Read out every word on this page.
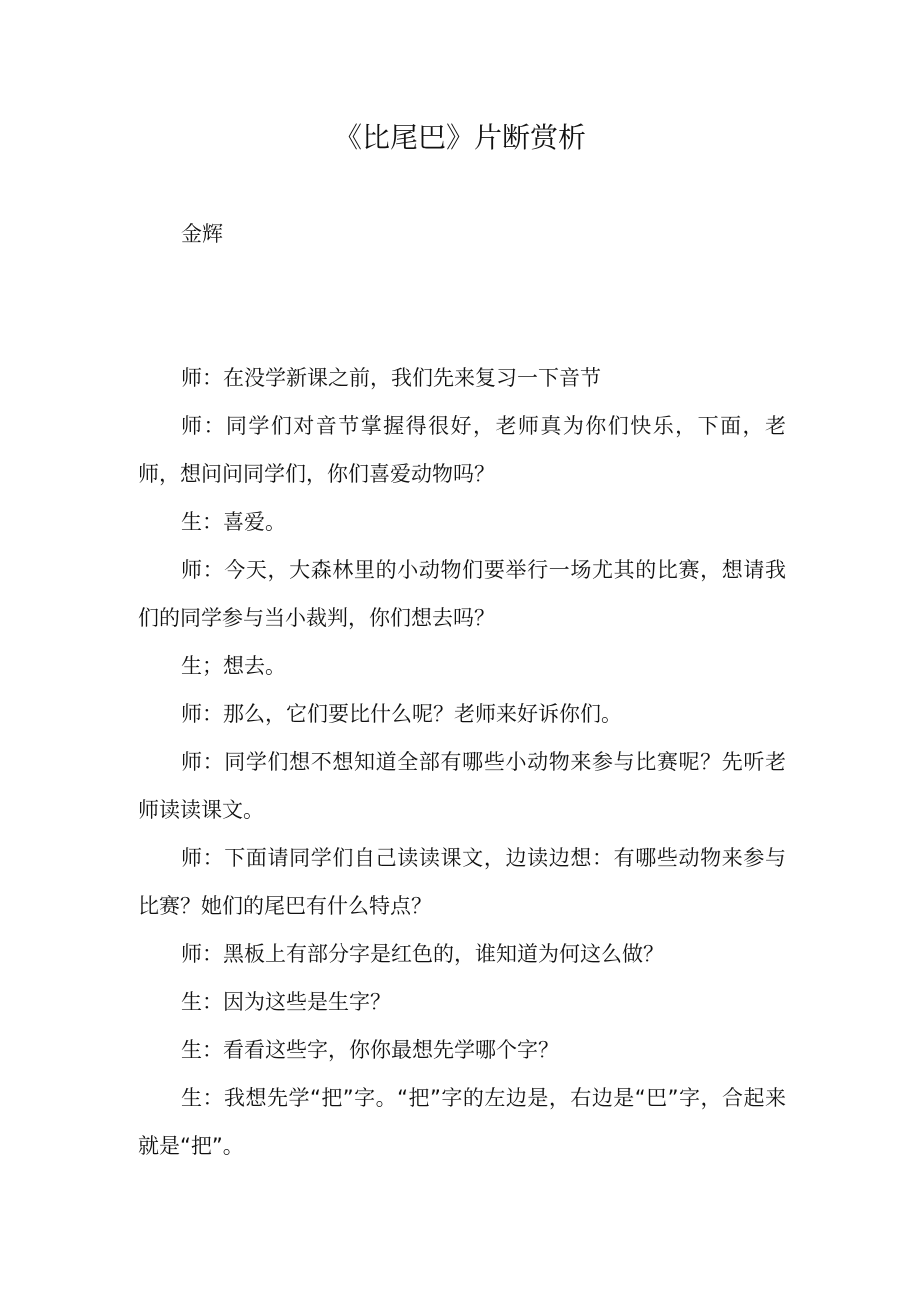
《比尾巴》片断赏析
金辉

师：在没学新课之前，我们先来复习一下音节

师：同学们对音节掌握得很好，老师真为你们快乐，下面，老师，想问问同学们，你们喜爱动物吗？

生：喜爱。

师：今天，大森林里的小动物们要举行一场尤其的比赛，想请我们的同学参与当小裁判，你们想去吗？

生；想去。

师：那么，它们要比什么呢？老师来好诉你们。

师：同学们想不想知道全部有哪些小动物来参与比赛呢？先听老师读读课文。

师：下面请同学们自己读读课文，边读边想：有哪些动物来参与比赛？她们的尾巴有什么特点？

师：黑板上有部分字是红色的，谁知道为何这么做？

生：因为这些是生字？

生：看看这些字，你你最想先学哪个字？

生：我想先学“把”字。“把”字的左边是，右边是“巴”字，合起来就是“把”。
